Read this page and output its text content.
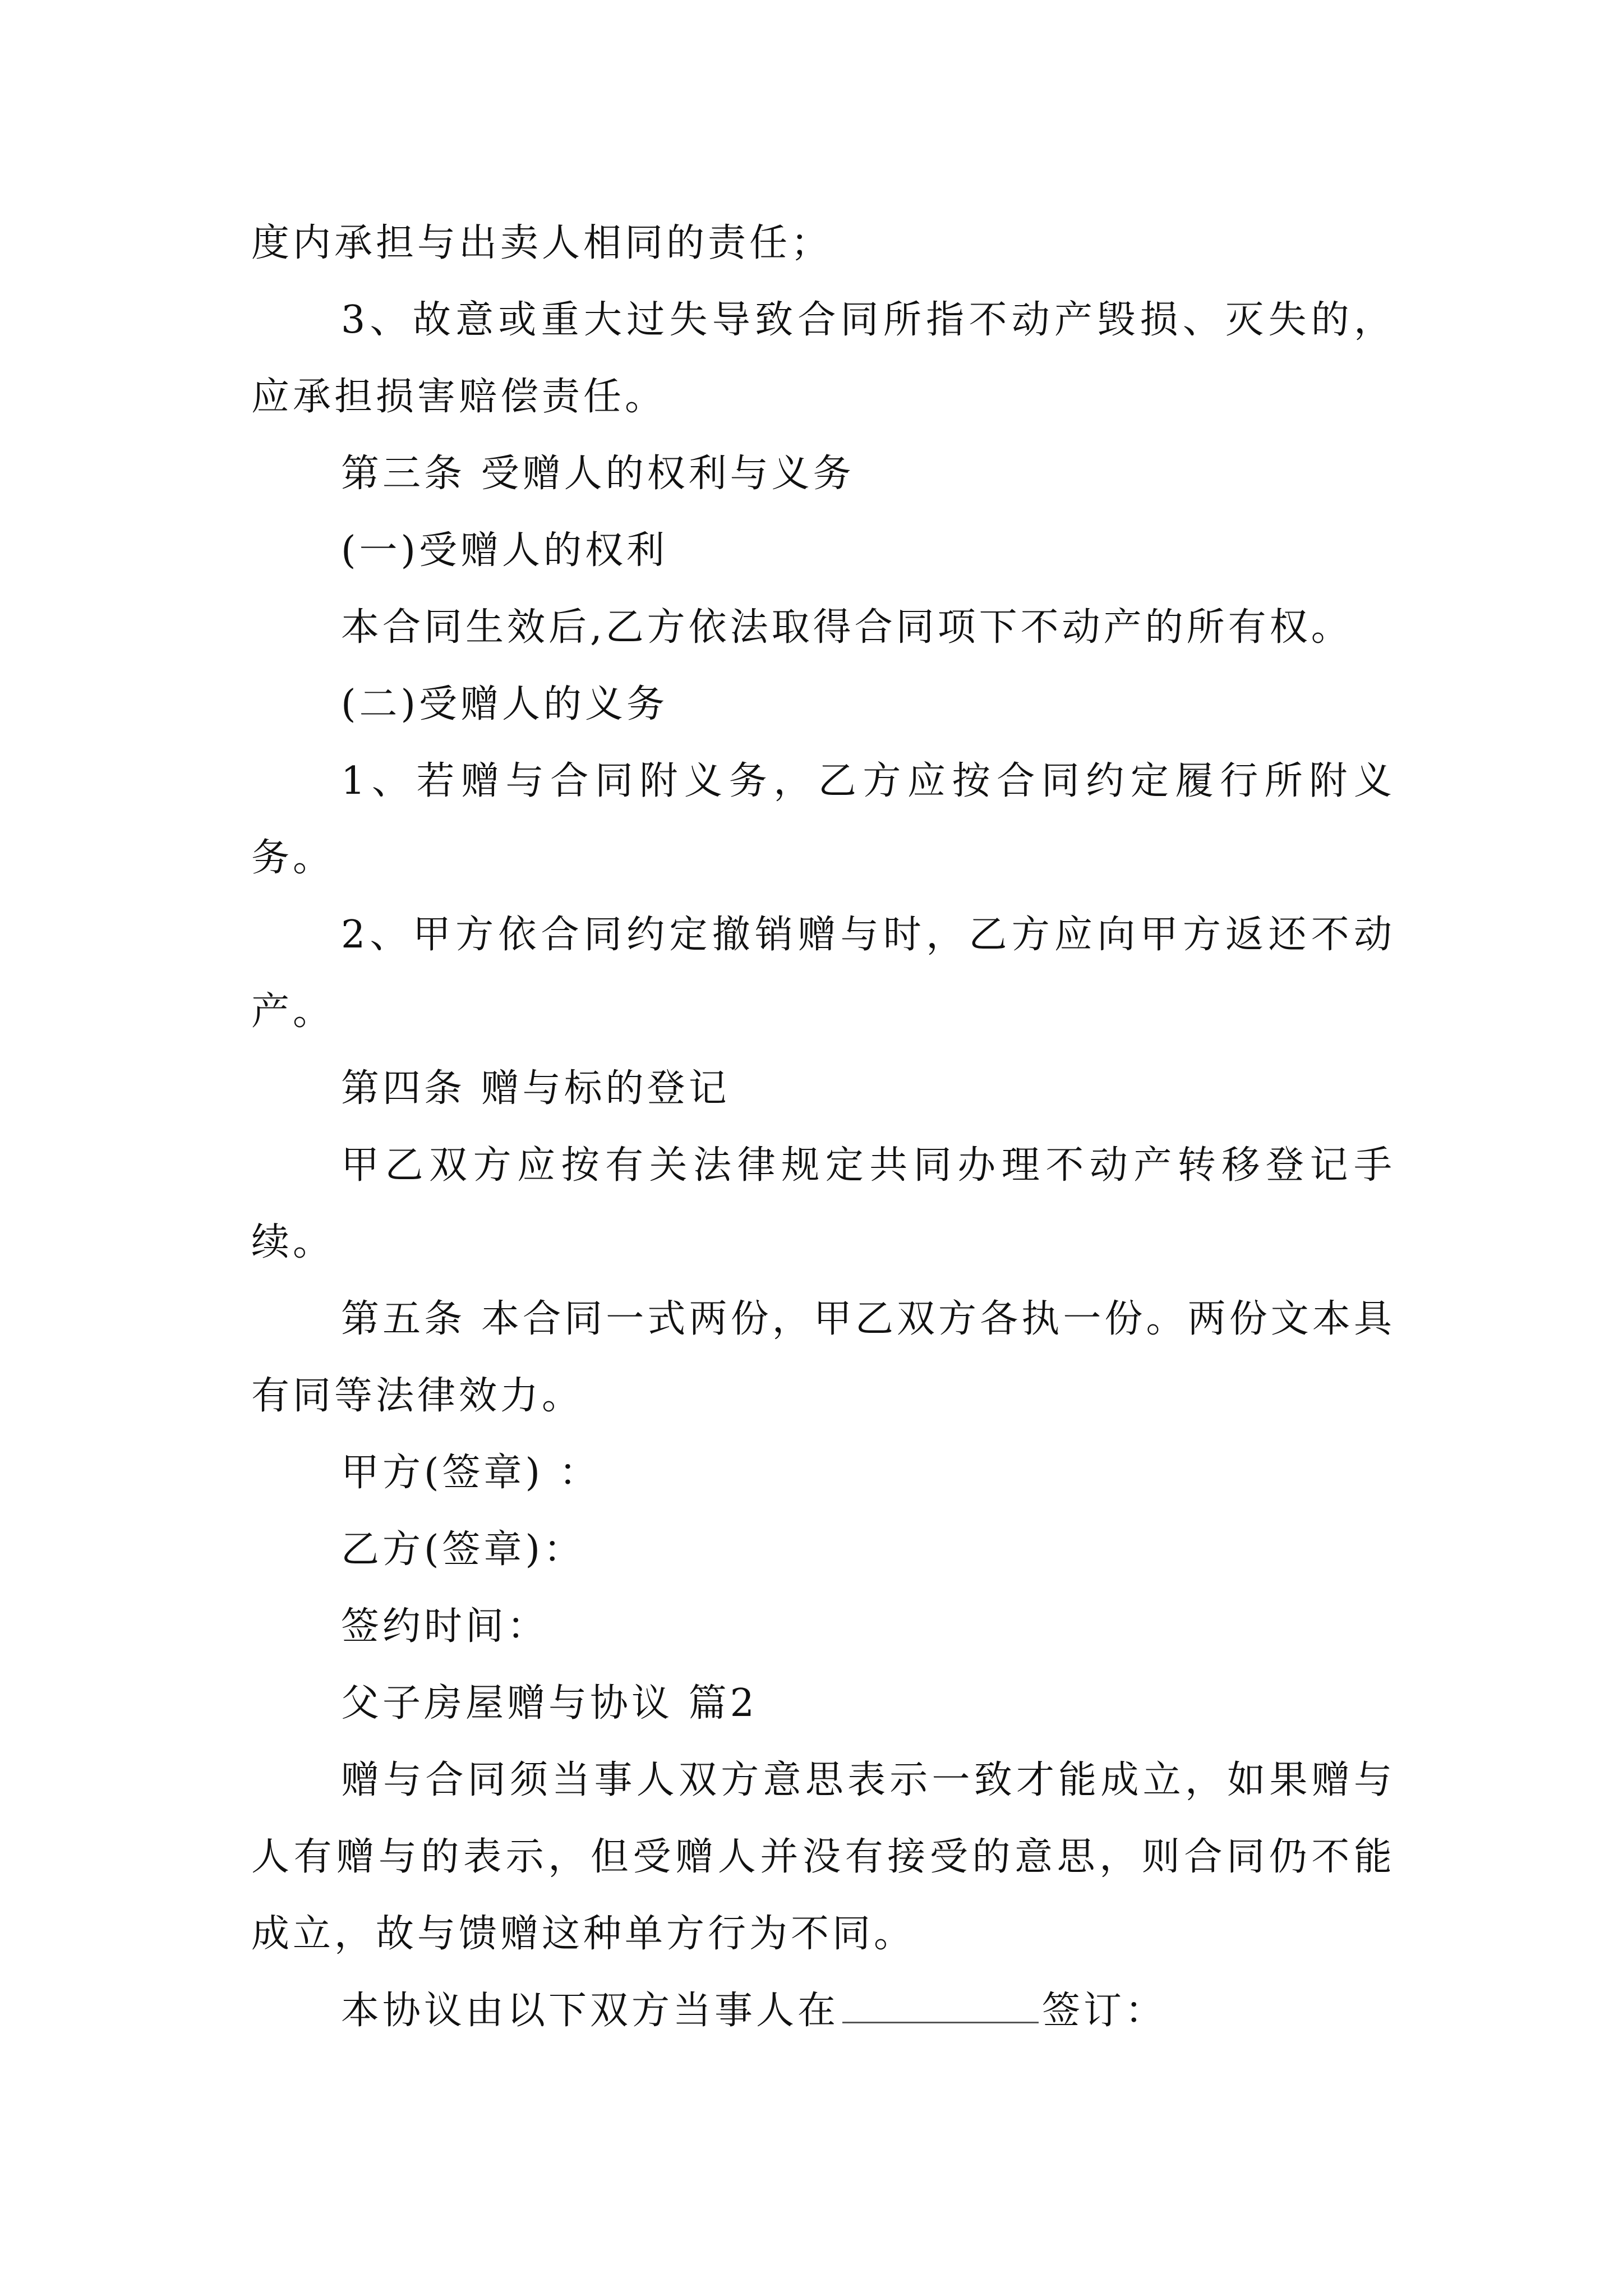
度内承担与出卖人相同的责任；

3、故意或重大过失导致合同所指不动产毁损、灭失的，应承担损害赔偿责任。

第三条 受赠人的权利与义务

(一)受赠人的权利

本合同生效后,乙方依法取得合同项下不动产的所有权。

(二)受赠人的义务

1、若赠与合同附义务，乙方应按合同约定履行所附义务。

2、甲方依合同约定撤销赠与时，乙方应向甲方返还不动产。

第四条 赠与标的登记

甲乙双方应按有关法律规定共同办理不动产转移登记手续。

第五条 本合同一式两份，甲乙双方各执一份。两份文本具有同等法律效力。

甲方(签章) ：

乙方(签章)：

签约时间：

父子房屋赠与协议 篇2

赠与合同须当事人双方意思表示一致才能成立，如果赠与人有赠与的表示，但受赠人并没有接受的意思，则合同仍不能成立，故与馈赠这种单方行为不同。

本协议由以下双方当事人在	签订：
